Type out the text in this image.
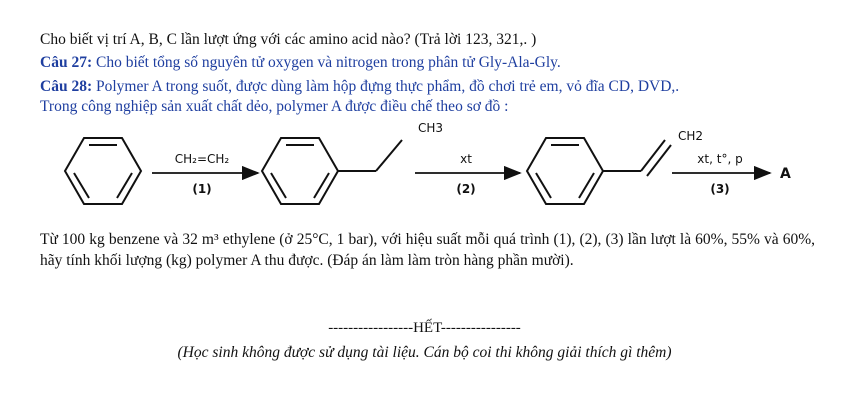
Cho biết vị trí A, B, C lần lượt ứng với các amino acid nào? (Trả lời 123, 321,. )
Câu 27: Cho biết tổng số nguyên tử oxygen và nitrogen trong phân tử Gly-Ala-Gly.
Câu 28: Polymer A trong suốt, được dùng làm hộp đựng thực phẩm, đồ chơi trẻ em, vỏ đĩa CD, DVD,.
Trong công nghiệp sản xuất chất dẻo, polymer A được điều chế theo sơ đồ :
CH₂=CH₂
(1)
CH3
xt
(2)
CH2
xt, t°, p
(3)
A
Từ 100 kg benzene và 32 m³ ethylene (ở 25°C, 1 bar), với hiệu suất mỗi quá trình (1), (2), (3) lần lượt là 60%, 55% và 60%, hãy tính khối lượng (kg) polymer A thu được. (Đáp án làm làm tròn hàng phần mười).
-----------------HẾT----------------
(Học sinh không được sử dụng tài liệu. Cán bộ coi thi không giải thích gì thêm)
